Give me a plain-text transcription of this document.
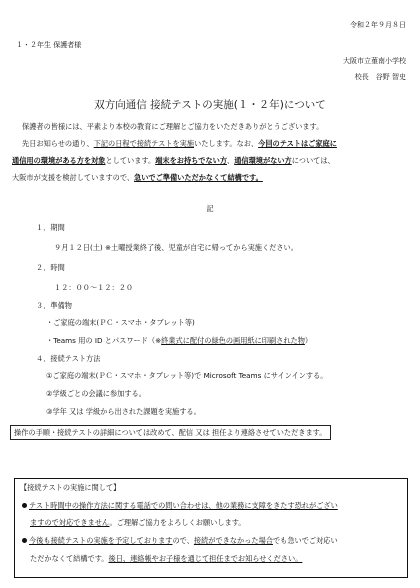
令和２年９月８日
１・２年生 保護者様
大阪市立菫南小学校
校長　谷野 智史
双方向通信 接続テストの実施(１・２年)について
保護者の皆様には、平素より本校の教育にご理解とご協力をいただきありがとうございます。
先日お知らせの通り、下記の日程で接続テストを実施いたします。なお、今回のテストはご家庭に
通信用の環境がある方を対象としています。端末をお持ちでない方、通信環境がない方については、
大阪市が支援を検討していますので、急いでご準備いただかなくて結構です。
記
１．期間
９月１２日(土) ※土曜授業終了後、児童が自宅に帰ってから実施ください。
２．時間
１２：００～１２：２０
３．準備物
・ご家庭の端末(ＰＣ・スマホ・タブレット等)
・Teams 用の ID とパスワード（※終業式に配付の緑色の画用紙に印刷された物）
４．接続テスト方法
①ご家庭の端末(ＰＣ・スマホ・タブレット等)で Microsoft Teams にサインインする。
②学級ごとの会議に参加する。
③学年 又は 学級から出された課題を実施する。
操作の手順・接続テストの詳細については改めて、配信 又は 担任より連絡させていただきます。
【接続テストの実施に関して】
テスト時間中の操作方法に関する電話での問い合わせは、他の業務に支障をきたす恐れがござい
ますので対応できません。ご理解ご協力をよろしくお願いします。
今後も接続テストの実施を予定しておりますので、接続ができなかった場合でも急いでご対応い
ただかなくて結構です。後日、連絡帳やお子様を通じて担任までお知らせください。
